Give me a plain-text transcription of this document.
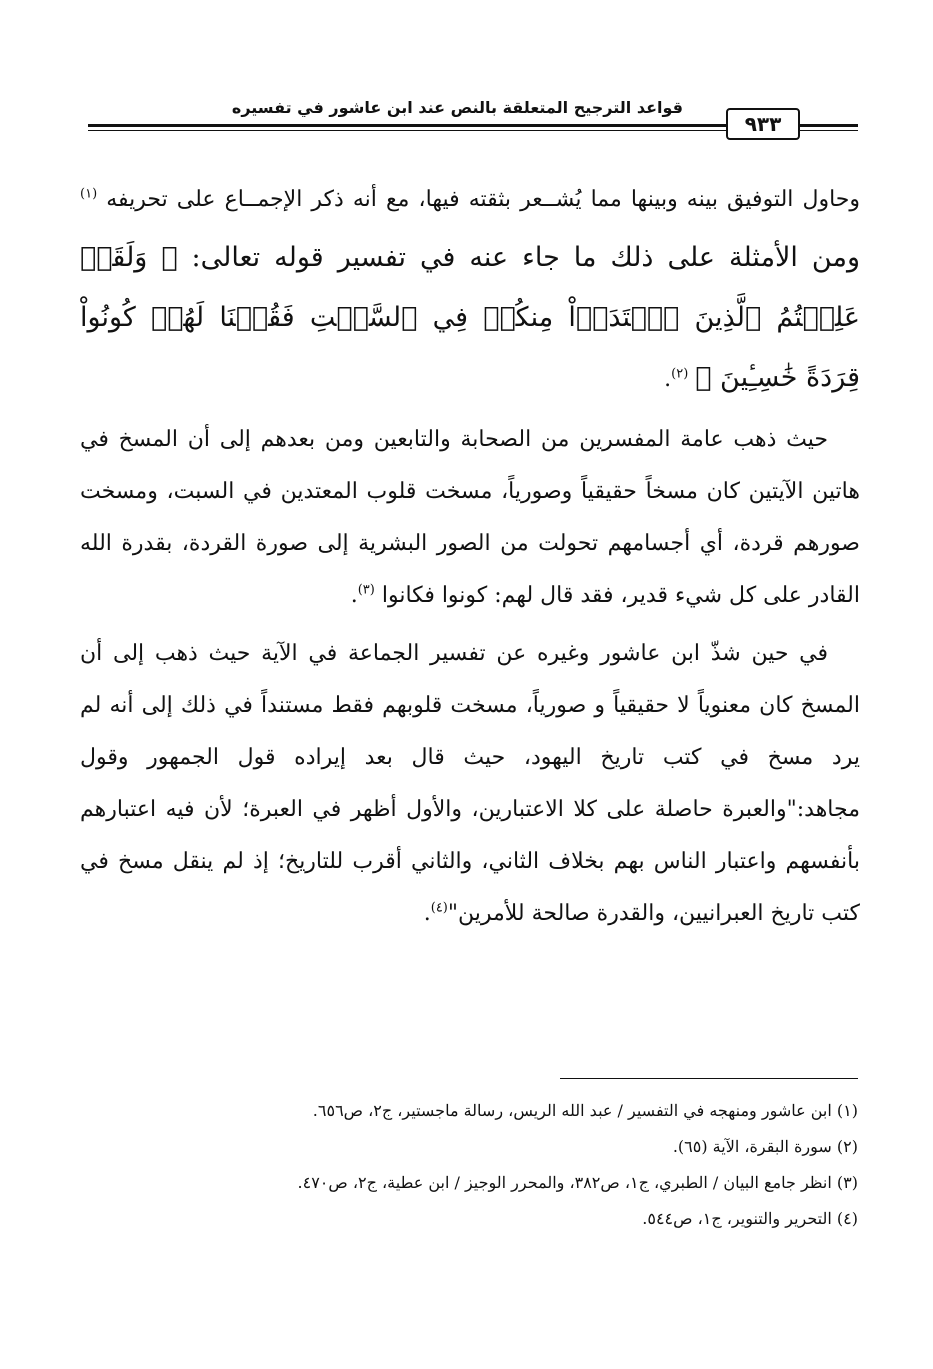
قواعد الترجيح المتعلقة بالنص عند ابن عاشور في تفسيره
٩٣٣

وحاول التوفيق بينه وبينها مما يُشــعر بثقته فيها، مع أنه ذكر الإجمــاع على تحريفه $^{(١)}$ ومن الأمثلة على ذلك ما جاء عنه في تفسير قوله تعالى: ﴿ وَلَقَدۡ عَلِمۡتُمُ ٱلَّذِينَ ٱعۡتَدَوۡاْ مِنكُمۡ فِي ٱلسَّبۡتِ فَقُلۡنَا لَهُمۡ كُونُواْ قِرَدَةً خَٰسِـِٔينَ ﴾ $^{(٢)}$.

حيث ذهب عامة المفسرين من الصحابة والتابعين ومن بعدهم إلى أن المسخ في هاتين الآيتين كان مسخاً حقيقياً وصورياً، مسخت قلوب المعتدين في السبت، ومسخت صورهم قردة، أي أجسامهم تحولت من الصور البشرية إلى صورة القردة، بقدرة الله القادر على كل شيء قدير، فقد قال لهم: كونوا فكانوا $^{(٣)}$.

في حين شذّ ابن عاشور وغيره عن تفسير الجماعة في الآية حيث ذهب إلى أن المسخ كان معنوياً لا حقيقياً و صورياً، مسخت قلوبهم فقط مستنداً في ذلك إلى أنه لم يرد مسخ في كتب تاريخ اليهود، حيث قال بعد إيراده قول الجمهور وقول مجاهد:"والعبرة حاصلة على كلا الاعتبارين، والأول أظهر في العبرة؛ لأن فيه اعتبارهم بأنفسهم واعتبار الناس بهم بخلاف الثاني، والثاني أقرب للتاريخ؛ إذ لم ينقل مسخ في كتب تاريخ العبرانيين، والقدرة صالحة للأمرين"$^{(٤)}$.

(١) ابن عاشور ومنهجه في التفسير / عبد الله الريس، رسالة ماجستير، ج٢، ص٦٥٦.

(٢) سورة البقرة، الآية (٦٥).

(٣) انظر جامع البيان / الطبري، ج١، ص٣٨٢، والمحرر الوجيز / ابن عطية، ج٢، ص٤٧٠.

(٤) التحرير والتنوير، ج١، ص٥٤٤.
